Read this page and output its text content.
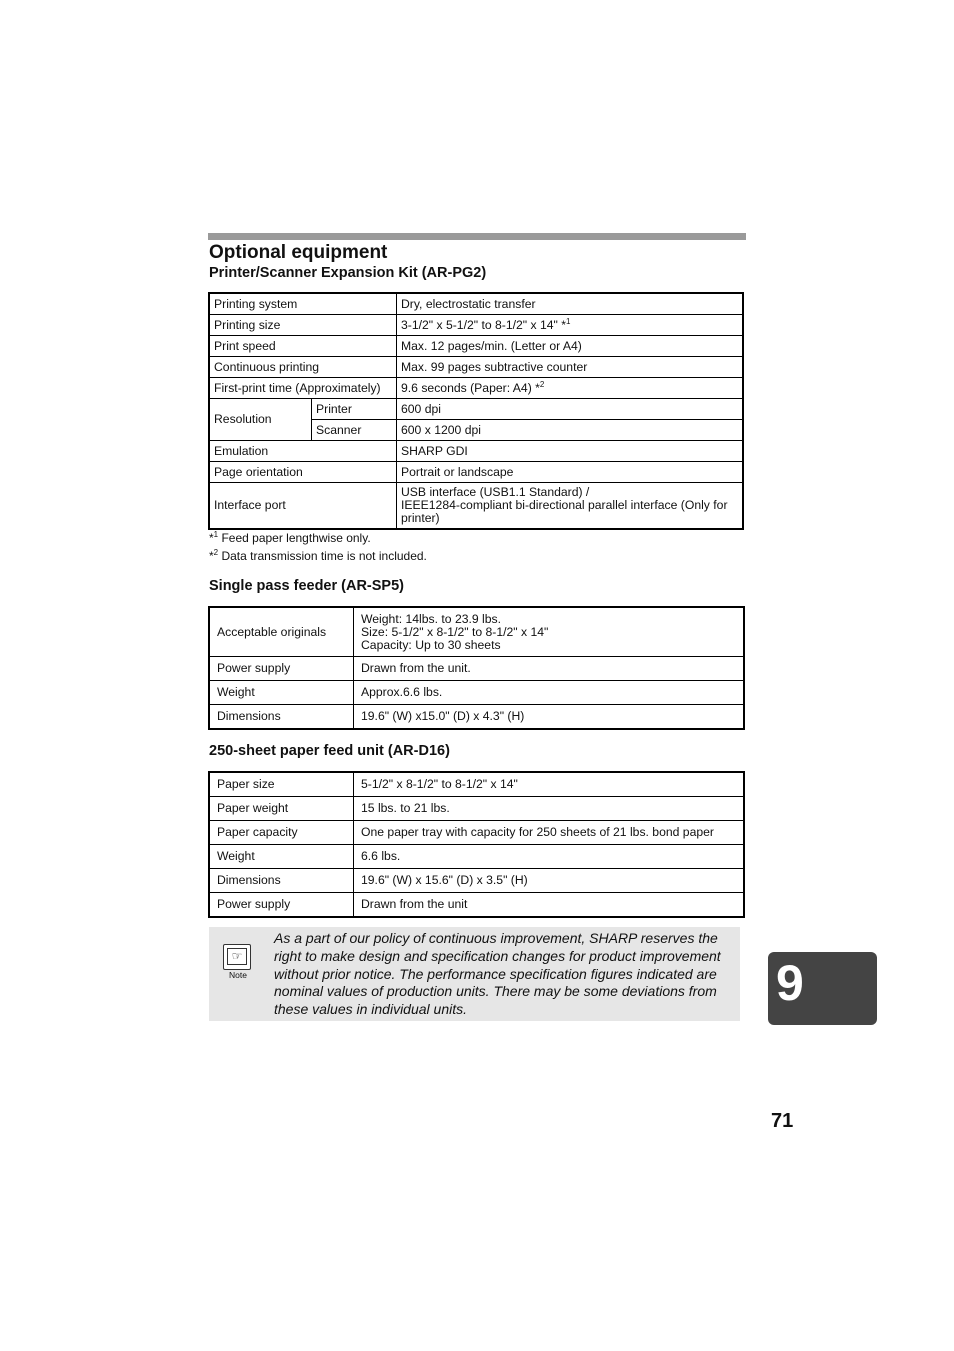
Optional equipment
Printer/Scanner Expansion Kit (AR-PG2)
Printing system		Dry, electrostatic transfer
Printing size		3-1/2" x 5-1/2" to 8-1/2" x 14" *$^1$
Print speed		Max. 12 pages/min. (Letter or A4)
Continuous printing		Max. 99 pages subtractive counter
First-print time (Approximately)		9.6 seconds (Paper: A4) *$^2$
Resolution	Printer	600 dpi
	Scanner	600 x 1200 dpi
Emulation		SHARP GDI
Page orientation		Portrait or landscape
Interface port		USB interface (USB1.1 Standard) /
IEEE1284-compliant bi-directional parallel interface (Only for printer)
*$^1$ Feed paper lengthwise only.
*$^2$ Data transmission time is not included.
Single pass feeder (AR-SP5)
Acceptable originals	Weight: 14lbs. to 23.9 lbs.
Size: 5-1/2" x 8-1/2" to 8-1/2" x 14"
Capacity: Up to 30 sheets

Power supply	Drawn from the unit.
Weight	Approx.6.6 lbs.
Dimensions	19.6" (W) x15.0" (D) x 4.3" (H)
250-sheet paper feed unit (AR-D16)
Paper size	5-1/2" x 8-1/2" to 8-1/2" x 14"
Paper weight	15 lbs. to 21 lbs.
Paper capacity	One paper tray with capacity for 250 sheets of 21 lbs. bond paper
Weight	6.6 lbs.
Dimensions	19.6" (W) x 15.6" (D) x 3.5" (H)
Power supply	Drawn from the unit
☞
Note
As a part of our policy of continuous improvement, SHARP reserves the right to make design and specification changes for product improvement without prior notice. The performance specification figures indicated are nominal values of production units. There may be some deviations from these values in individual units.	9
71
